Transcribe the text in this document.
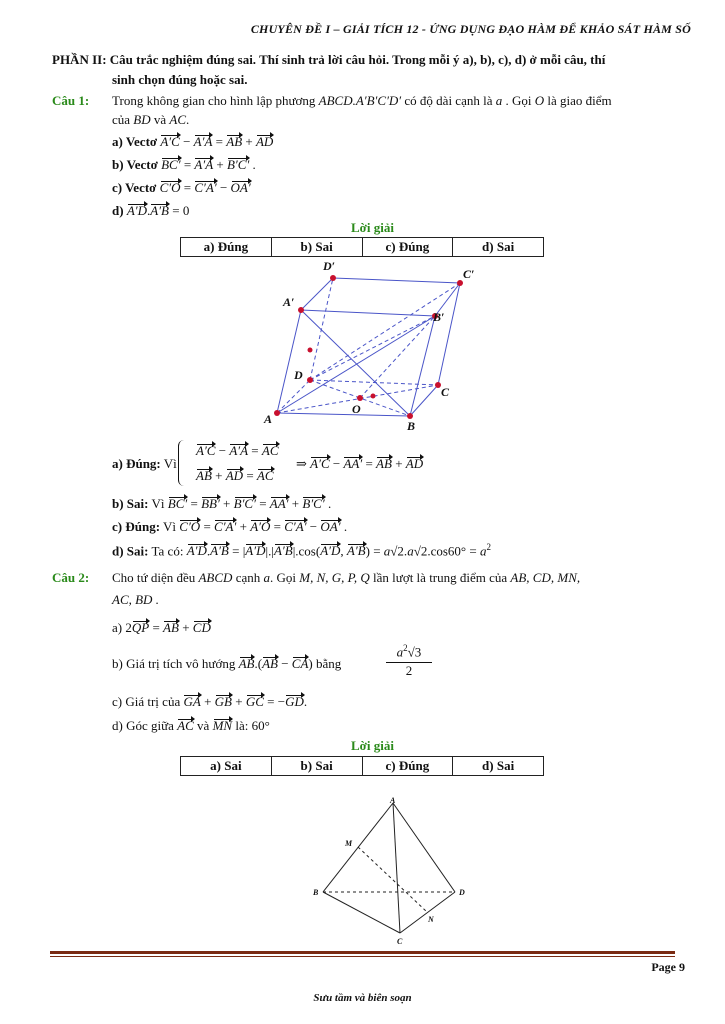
CHUYÊN ĐỀ I – GIẢI TÍCH 12 - ỨNG DỤNG ĐẠO HÀM ĐỂ KHẢO SÁT HÀM SỐ
PHẦN II: Câu trắc nghiệm đúng sai. Thí sinh trả lời câu hỏi. Trong mỗi ý a), b), c), d) ở mỗi câu, thí
sinh chọn đúng hoặc sai.
Câu 1: Trong không gian cho hình lập phương ABCD.A′B′C′D′ có độ dài cạnh là a . Gọi O là giao điểm
của BD và AC.
a) Vectơ A′C − A′A = AB + AD
b) Vectơ BC′ = A′A + B′C′ .
c) Vectơ C′O = C′A′ − OA′
d) A′D.A′B = 0
Lời giải
a) Đúng	b) Sai	c) Đúng	d) Sai
D′
C′
A′
B′
D
C
O
A	B
a) Đúng: Vì
A′C − A′A = AC
AB + AD = AC
⇒ A′C − AA′ = AB + AD
b) Sai: Vì BC′ = BB′ + B′C′ = AA′ + B′C′ .
c) Đúng: Vì C′O = C′A′ + A′O = C′A′ − OA′ .
d) Sai: Ta có: A′D.A′B = |A′D|.|A′B|.cos(A′D, $A'B) = a√2.a√2.\cos 60^\circ = a^2$
Câu 2: Cho tứ diện đều ABCD cạnh a. Gọi M, N, G, P, Q lần lượt là trung điểm của AB, CD, MN,
AC, BD .
a) 2QP = AB + CD
b) Giá trị tích vô hướng AB.(AB − CA) bằng
$a^2√3$
2
c) Giá trị của GA + GB + GC = −GD.
d) Góc giữa AC và MN là: 60°
Lời giải
a) Sai	b) Sai	c) Đúng	d) Sai
A
M
B	D
N
C
Page 9
Sưu tầm và biên soạn
